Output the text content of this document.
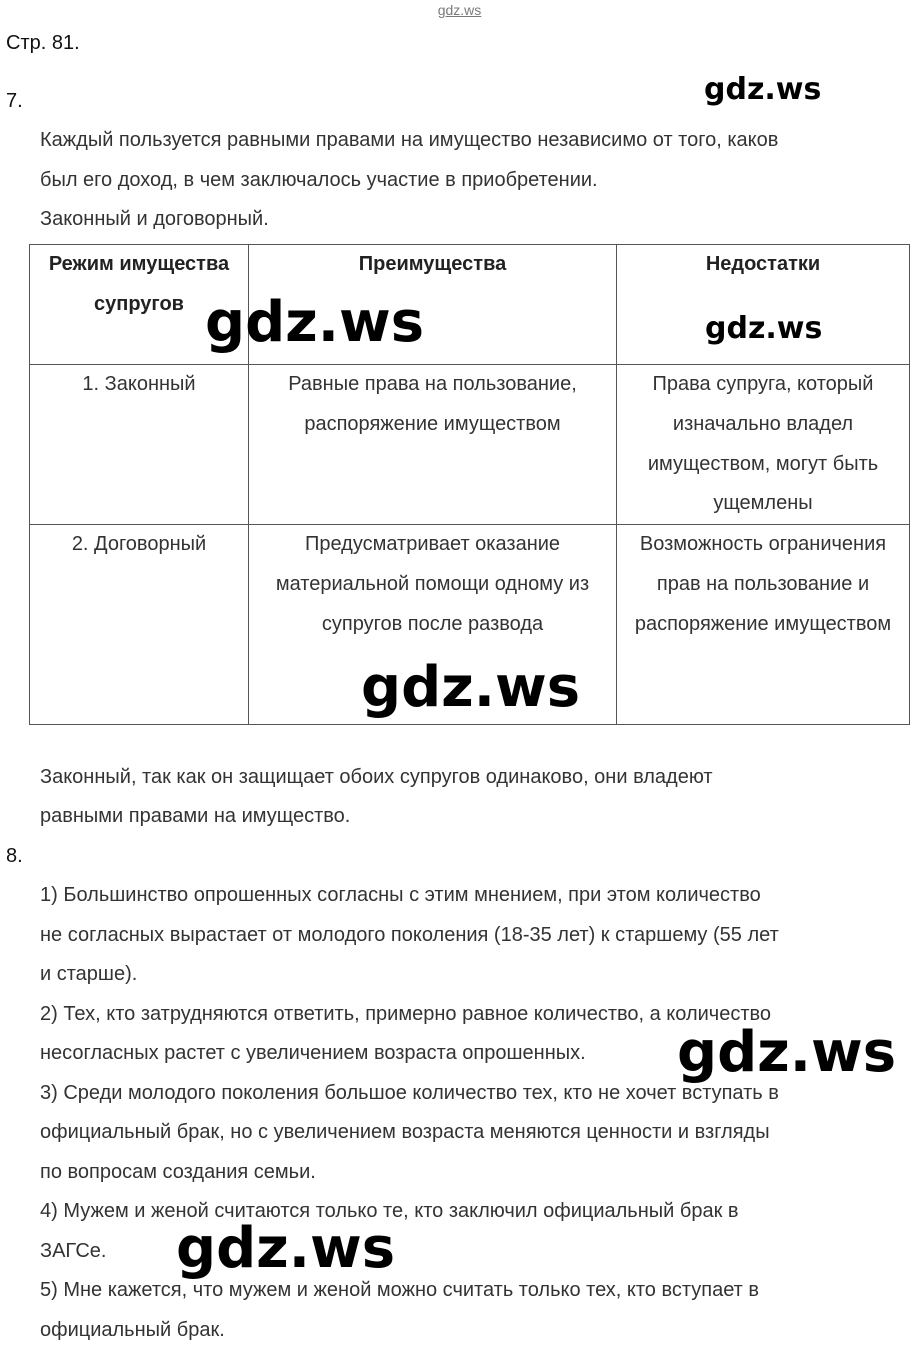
gdz.ws
Стр. 81.
7.	gdz.ws
Каждый пользуется равными правами на имущество независимо от того, каков
был его доход, в чем заключалось участие в приобретении.
Законный и договорный.
Режим имущества супругов	Преимущества	Недостатки
1. Законный	Равные права на пользование, распоряжение имуществом	Права супруга, который изначально владел имуществом, могут быть ущемлены
2. Договорный	Предусматривает оказание материальной помощи одному из супругов после развода	Возможность ограничения прав на пользование и распоряжение имуществом
gdz.ws	gdz.ws
gdz.ws
Законный, так как он защищает обоих супругов одинаково, они владеют
равными правами на имущество.
8.
1) Большинство опрошенных согласны с этим мнением, при этом количество
не согласных вырастает от молодого поколения (18-35 лет) к старшему (55 лет
и старше).
2) Тех, кто затрудняются ответить, примерно равное количество, а количество
несогласных растет с увеличением возраста опрошенных.
3) Среди молодого поколения большое количество тех, кто не хочет вступать в
официальный брак, но с увеличением возраста меняются ценности и взгляды
по вопросам создания семьи.
4) Мужем и женой считаются только те, кто заключил официальный брак в
ЗАГСе.
5) Мне кажется, что мужем и женой можно считать только тех, кто вступает в
официальный брак.
gdz.ws
gdz.ws
